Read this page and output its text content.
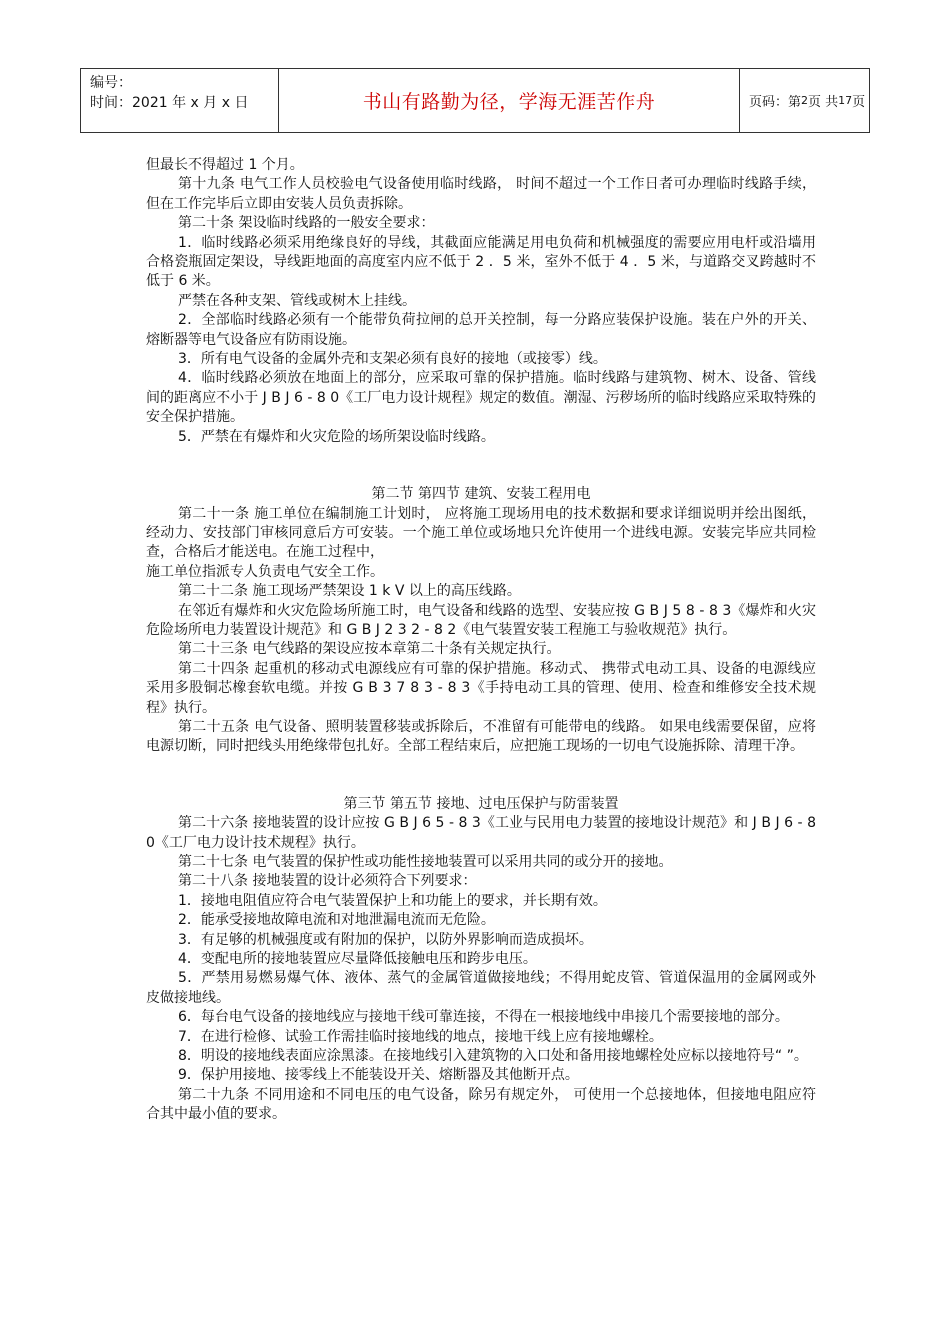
编号：
时间：2021 年 x 月 x 日	书山有路勤为径，学海无涯苦作舟	页码：第 2 页 共 17 页

但最长不得超过 1 个月。

第十九条 电气工作人员校验电气设备使用临时线路， 时间不超过一个工作日者可办理临时线路手续，但在工作完毕后立即由安装人员负责拆除。

第二十条 架设临时线路的一般安全要求：

1．临时线路必须采用绝缘良好的导线，其截面应能满足用电负荷和机械强度的需要应用电杆或沿墙用合格瓷瓶固定架设，导线距地面的高度室内应不低于 2 ．5 米，室外不低于 4 ．5 米，与道路交叉跨越时不低于 6 米。

严禁在各种支架、管线或树木上挂线。

2．全部临时线路必须有一个能带负荷拉闸的总开关控制，每一分路应装保护设施。装在户外的开关、熔断器等电气设备应有防雨设施。

3．所有电气设备的金属外壳和支架必须有良好的接地（或接零）线。

4．临时线路必须放在地面上的部分，应采取可靠的保护措施。临时线路与建筑物、树木、设备、管线间的距离应不小于 J B J 6 - 8 0《工厂电力设计规程》规定的数值。潮湿、污秽场所的临时线路应采取特殊的安全保护措施。

5．严禁在有爆炸和火灾危险的场所架设临时线路。

第二节 第四节 建筑、安装工程用电

第二十一条 施工单位在编制施工计划时， 应将施工现场用电的技术数据和要求详细说明并绘出图纸，经动力、安技部门审核同意后方可安装。一个施工单位或场地只允许使用一个进线电源。安装完毕应共同检查，合格后才能送电。在施工过程中，

施工单位指派专人负责电气安全工作。

第二十二条 施工现场严禁架设 1 k V 以上的高压线路。

在邻近有爆炸和火灾危险场所施工时，电气设备和线路的选型、安装应按 G B J 5 8 - 8 3《爆炸和火灾危险场所电力装置设计规范》和 G B J 2 3 2 - 8 2《电气装置安装工程施工与验收规范》执行。

第二十三条 电气线路的架设应按本章第二十条有关规定执行。

第二十四条 起重机的移动式电源线应有可靠的保护措施。移动式、 携带式电动工具、设备的电源线应采用多股铜芯橡套软电缆。并按 G B 3 7 8 3 - 8 3《手持电动工具的管理、使用、检查和维修安全技术规程》执行。

第二十五条 电气设备、照明装置移装或拆除后，不准留有可能带电的线路。 如果电线需要保留，应将电源切断，同时把线头用绝缘带包扎好。全部工程结束后，应把施工现场的一切电气设施拆除、清理干净。

第三节 第五节 接地、过电压保护与防雷装置

第二十六条 接地装置的设计应按 G B J 6 5 - 8 3《工业与民用电力装置的接地设计规范》和 J B J 6 - 8 0《工厂电力设计技术规程》执行。

第二十七条 电气装置的保护性或功能性接地装置可以采用共同的或分开的接地。

第二十八条 接地装置的设计必须符合下列要求：

1．接地电阻值应符合电气装置保护上和功能上的要求，并长期有效。

2．能承受接地故障电流和对地泄漏电流而无危险。

3．有足够的机械强度或有附加的保护，以防外界影响而造成损坏。

4．变配电所的接地装置应尽量降低接触电压和跨步电压。

5．严禁用易燃易爆气体、液体、蒸气的金属管道做接地线；不得用蛇皮管、管道保温用的金属网或外皮做接地线。

6．每台电气设备的接地线应与接地干线可靠连接，不得在一根接地线中串接几个需要接地的部分。

7．在进行检修、试验工作需挂临时接地线的地点，接地干线上应有接地螺栓。

8．明设的接地线表面应涂黑漆。在接地线引入建筑物的入口处和备用接地螺栓处应标以接地符号“ ”。

9．保护用接地、接零线上不能装设开关、熔断器及其他断开点。

第二十九条 不同用途和不同电压的电气设备，除另有规定外， 可使用一个总接地体，但接地电阻应符合其中最小值的要求。
